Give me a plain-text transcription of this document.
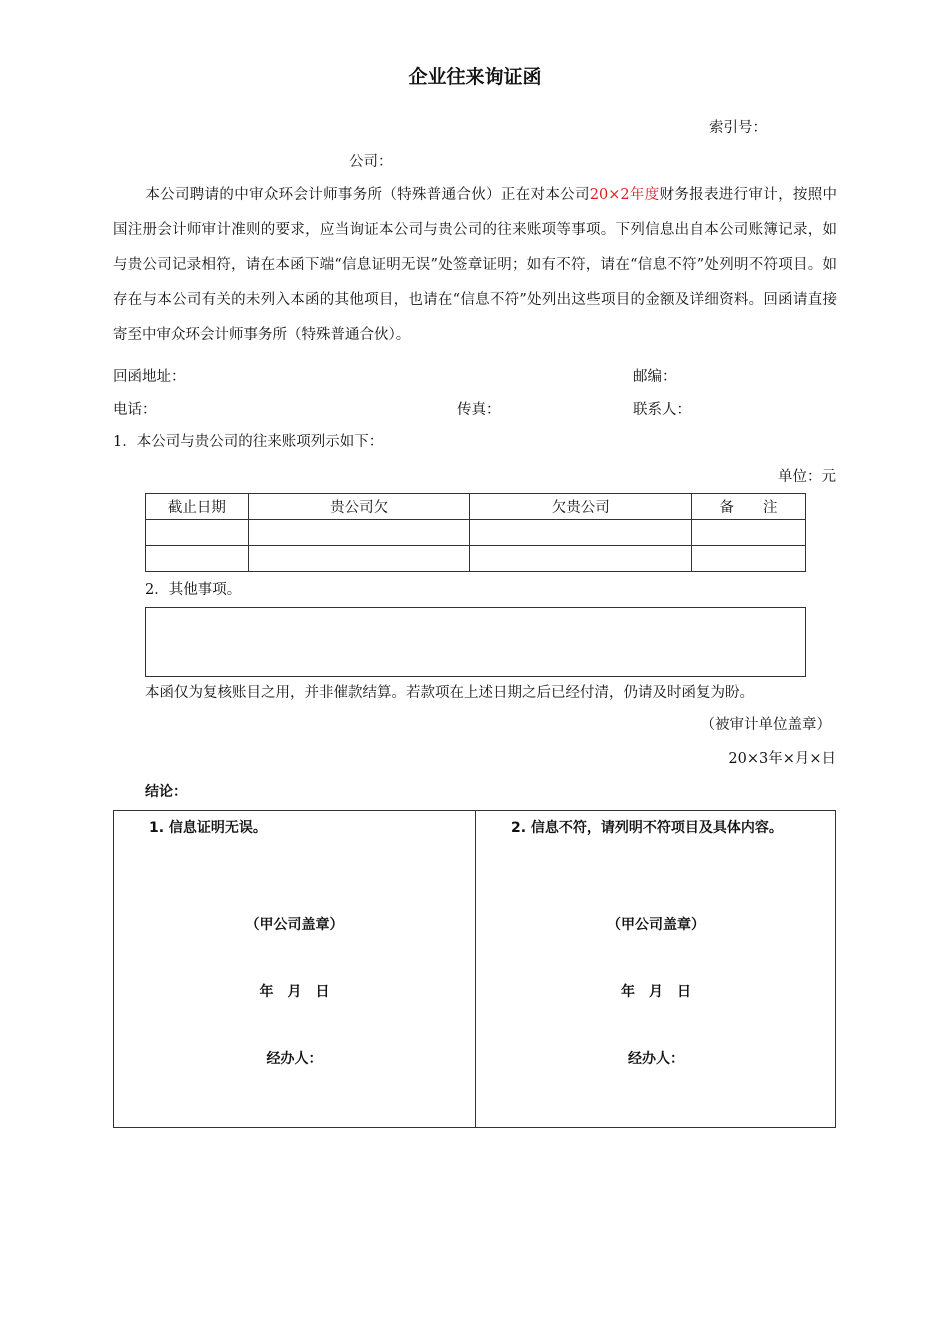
企业往来询证函
索引号：
公司：
本公司聘请的中审众环会计师事务所（特殊普通合伙）正在对本公司20×2年度财务报表进行审计，按照中国注册会计师审计准则的要求，应当询证本公司与贵公司的往来账项等事项。下列信息出自本公司账簿记录，如与贵公司记录相符，请在本函下端“信息证明无误”处签章证明；如有不符，请在“信息不符”处列明不符项目。如存在与本公司有关的未列入本函的其他项目，也请在“信息不符”处列出这些项目的金额及详细资料。回函请直接寄至中审众环会计师事务所（特殊普通合伙）。
回函地址：	邮编：
电话：	传真：	联系人：
1．本公司与贵公司的往来账项列示如下：
单位：元
截止日期	贵公司欠	欠贵公司	备　　注

2．其他事项。
本函仅为复核账目之用，并非催款结算。若款项在上述日期之后已经付清，仍请及时函复为盼。
（被审计单位盖章）
20×3年×月×日
结论：
1. 信息证明无误。
（甲公司盖章）
年　月　日
经办人：
2. 信息不符，请列明不符项目及具体内容。
（甲公司盖章）
年　月　日
经办人：
